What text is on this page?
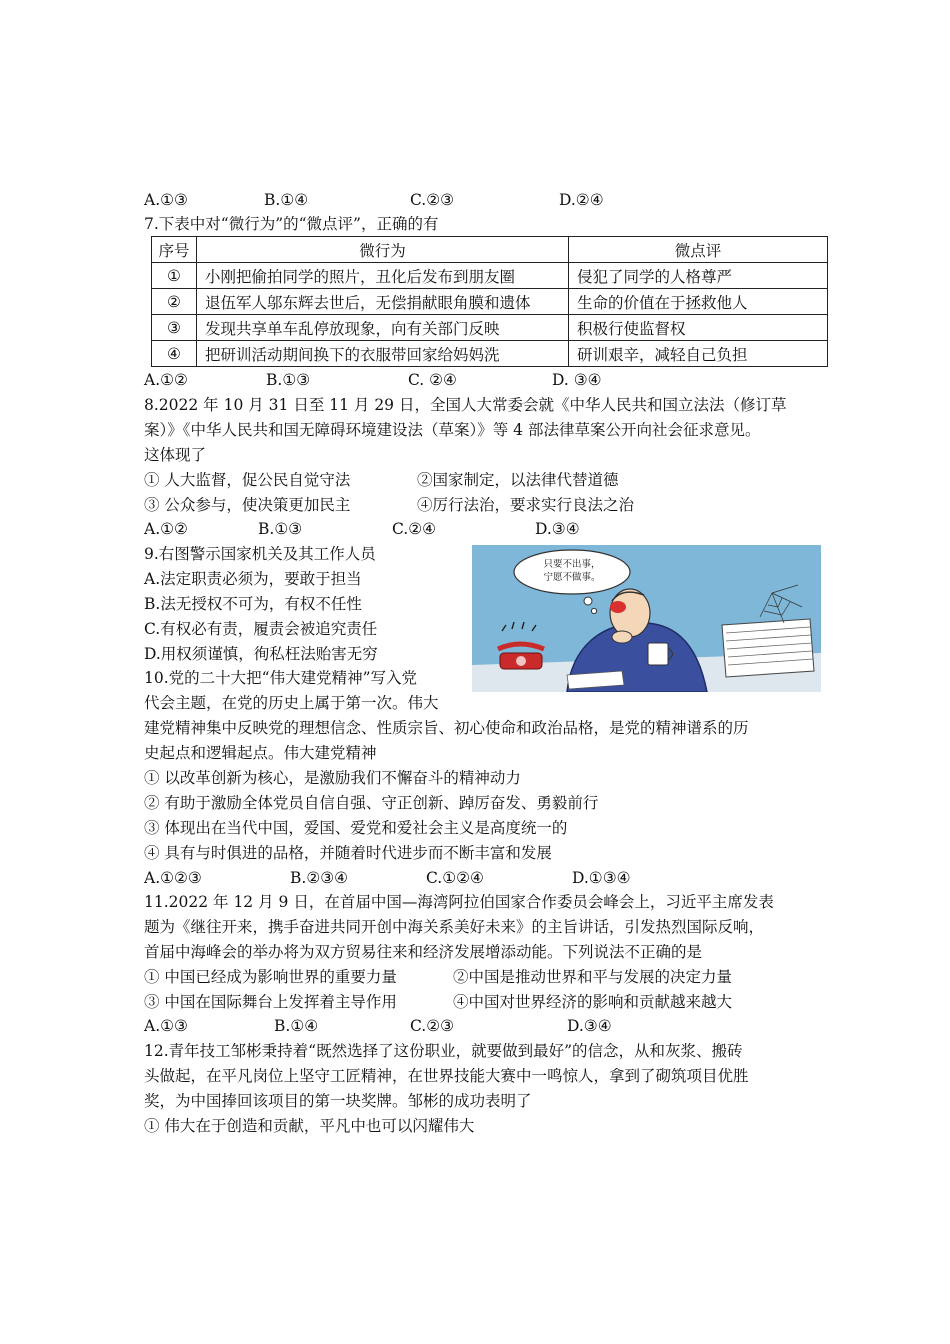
A.①③	B.①④	C.②③	D.②④
7.下表中对“微行为”的“微点评”，正确的有
序号	微行为	微点评
①	小刚把偷拍同学的照片，丑化后发布到朋友圈	侵犯了同学的人格尊严
②	退伍军人邬东辉去世后，无偿捐献眼角膜和遗体	生命的价值在于拯救他人
③	发现共享单车乱停放现象，向有关部门反映	积极行使监督权
④	把研训活动期间换下的衣服带回家给妈妈洗	研训艰辛，减轻自己负担
A.①②	B.①③	C. ②④	D. ③④
8.2022 年 10 月 31 日至 11 月 29 日，全国人大常委会就《中华人民共和国立法法（修订草
案）》《中华人民共和国无障碍环境建设法（草案）》等 4 部法律草案公开向社会征求意见。
这体现了
① 人大监督，促公民自觉守法	②国家制定，以法律代替道德
③ 公众参与，使决策更加民主	④厉行法治，要求实行良法之治
A.①②	B.①③	C.②④	D.③④
9.右图警示国家机关及其工作人员
A.法定职责必须为，要敢于担当
B.法无授权不可为，有权不任性
C.有权必有责，履责会被追究责任
D.用权须谨慎，徇私枉法贻害无穷
只要不出事，
宁愿不做事。
10.党的二十大把“伟大建党精神”写入党
代会主题，在党的历史上属于第一次。伟大
建党精神集中反映党的理想信念、性质宗旨、初心使命和政治品格，是党的精神谱系的历
史起点和逻辑起点。伟大建党精神
① 以改革创新为核心，是激励我们不懈奋斗的精神动力
② 有助于激励全体党员自信自强、守正创新、踔厉奋发、勇毅前行
③ 体现出在当代中国，爱国、爱党和爱社会主义是高度统一的
④ 具有与时俱进的品格，并随着时代进步而不断丰富和发展
A.①②③	B.②③④	C.①②④	D.①③④
11.2022 年 12 月 9 日，在首届中国—海湾阿拉伯国家合作委员会峰会上，习近平主席发表
题为《继往开来，携手奋进共同开创中海关系美好未来》的主旨讲话，引发热烈国际反响，
首届中海峰会的举办将为双方贸易往来和经济发展增添动能。下列说法不正确的是
① 中国已经成为影响世界的重要力量	②中国是推动世界和平与发展的决定力量
③ 中国在国际舞台上发挥着主导作用	④中国对世界经济的影响和贡献越来越大
A.①③	B.①④	C.②③	D.③④
12.青年技工邹彬秉持着“既然选择了这份职业，就要做到最好”的信念，从和灰浆、搬砖
头做起，在平凡岗位上坚守工匠精神，在世界技能大赛中一鸣惊人，拿到了砌筑项目优胜
奖，为中国捧回该项目的第一块奖牌。邹彬的成功表明了
① 伟大在于创造和贡献，平凡中也可以闪耀伟大
